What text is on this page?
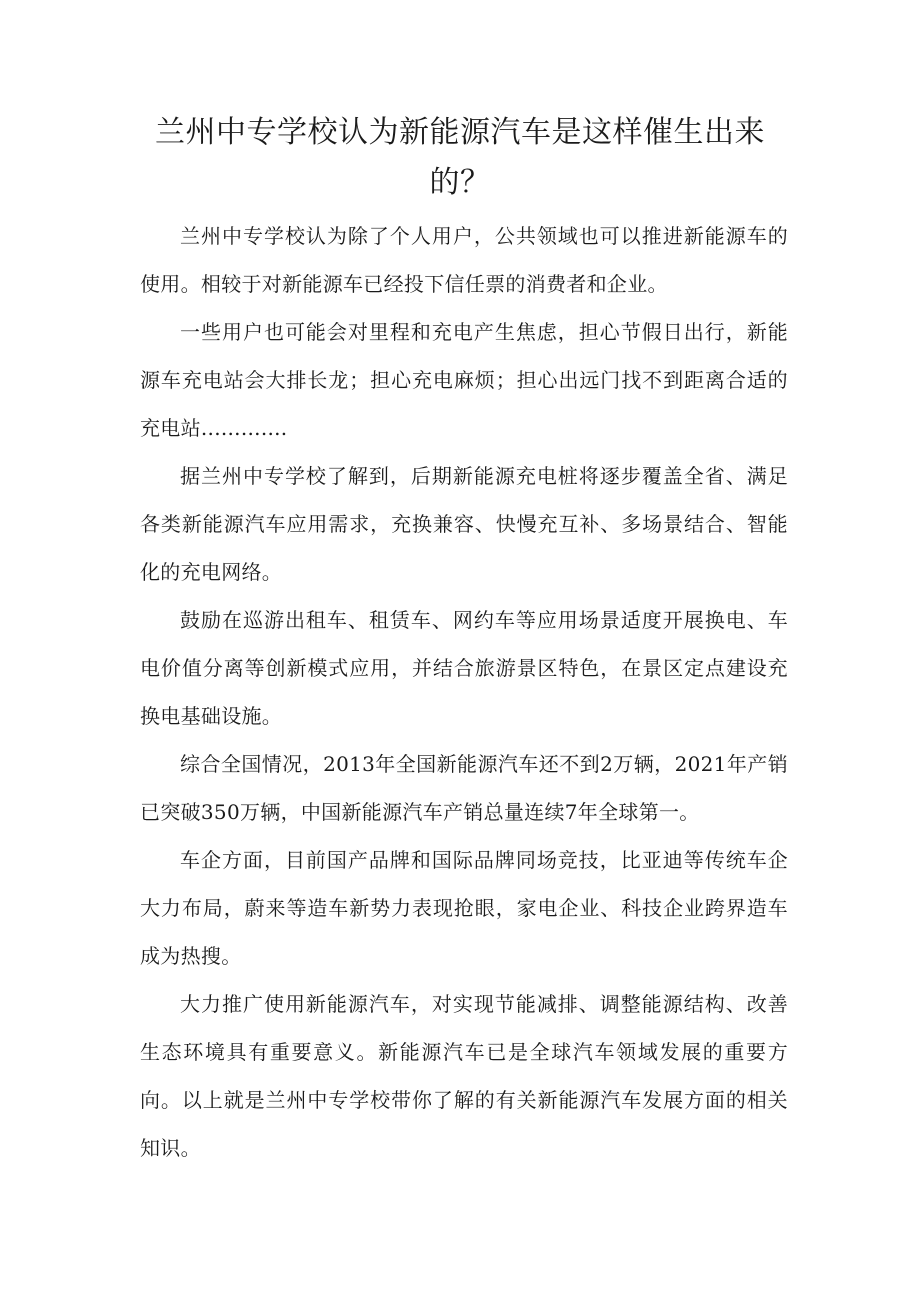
兰州中专学校认为新能源汽车是这样催生出来的？

兰州中专学校认为除了个人用户，公共领域也可以推进新能源车的使用。相较于对新能源车已经投下信任票的消费者和企业。

一些用户也可能会对里程和充电产生焦虑，担心节假日出行，新能源车充电站会大排长龙；担心充电麻烦；担心出远门找不到距离合适的充电站.............

据兰州中专学校了解到，后期新能源充电桩将逐步覆盖全省、满足各类新能源汽车应用需求，充换兼容、快慢充互补、多场景结合、智能化的充电网络。

鼓励在巡游出租车、租赁车、网约车等应用场景适度开展换电、车电价值分离等创新模式应用，并结合旅游景区特色，在景区定点建设充换电基础设施。

综合全国情况，2013年全国新能源汽车还不到2万辆，2021年产销已突破350万辆，中国新能源汽车产销总量连续7年全球第一。

车企方面，目前国产品牌和国际品牌同场竞技，比亚迪等传统车企大力布局，蔚来等造车新势力表现抢眼，家电企业、科技企业跨界造车成为热搜。

大力推广使用新能源汽车，对实现节能减排、调整能源结构、改善生态环境具有重要意义。新能源汽车已是全球汽车领域发展的重要方向。以上就是兰州中专学校带你了解的有关新能源汽车发展方面的相关知识。
